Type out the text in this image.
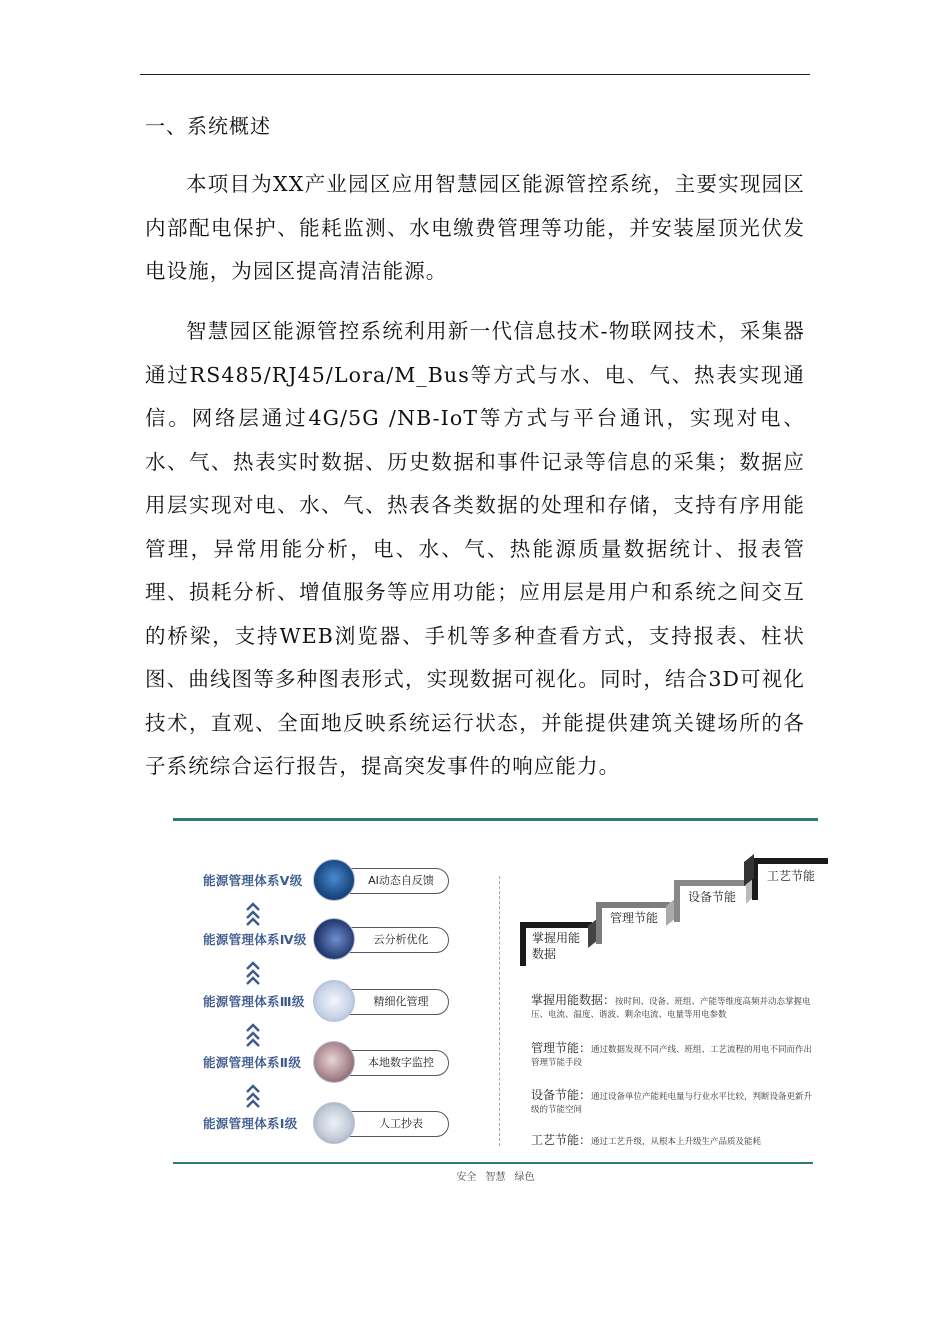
一、系统概述

本项目为XX产业园区应用智慧园区能源管控系统，主要实现园区内部配电保护、能耗监测、水电缴费管理等功能，并安装屋顶光伏发电设施，为园区提高清洁能源。

智慧园区能源管控系统利用新一代信息技术-物联网技术，采集器通过RS485/RJ45/Lora/M_Bus等方式与水、电、气、热表实现通信。网络层通过4G/5G /NB-IoT等方式与平台通讯，实现对电、水、气、热表实时数据、历史数据和事件记录等信息的采集；数据应用层实现对电、水、气、热表各类数据的处理和存储，支持有序用能管理，异常用能分析，电、水、气、热能源质量数据统计、报表管理、损耗分析、增值服务等应用功能；应用层是用户和系统之间交互的桥梁，支持WEB浏览器、手机等多种查看方式，支持报表、柱状图、曲线图等多种图表形式，实现数据可视化。同时，结合3D可视化技术，直观、全面地反映系统运行状态，并能提供建筑关键场所的各子系统综合运行报告，提高突发事件的响应能力。

能源管理体系Ⅴ级	AI动态自反馈
能源管理体系Ⅳ级	云分析优化
能源管理体系Ⅲ级	精细化管理
能源管理体系Ⅱ级	本地数字监控
能源管理体系Ⅰ级	人工抄表
掌握用能
数据
管理节能
设备节能
工艺节能
掌握用能数据：按时间、设备、班组、产能等维度高频并动态掌握电压、电流、温度、谐波、剩余电流、电量等用电参数
管理节能：通过数据发现不同产线、班组、工艺流程的用电不同而作出管理节能手段
设备节能：通过设备单位产能耗电量与行业水平比较，判断设备更新升级的节能空间
工艺节能：通过工艺升级，从根本上升级生产品质及能耗
安全 智慧 绿色
